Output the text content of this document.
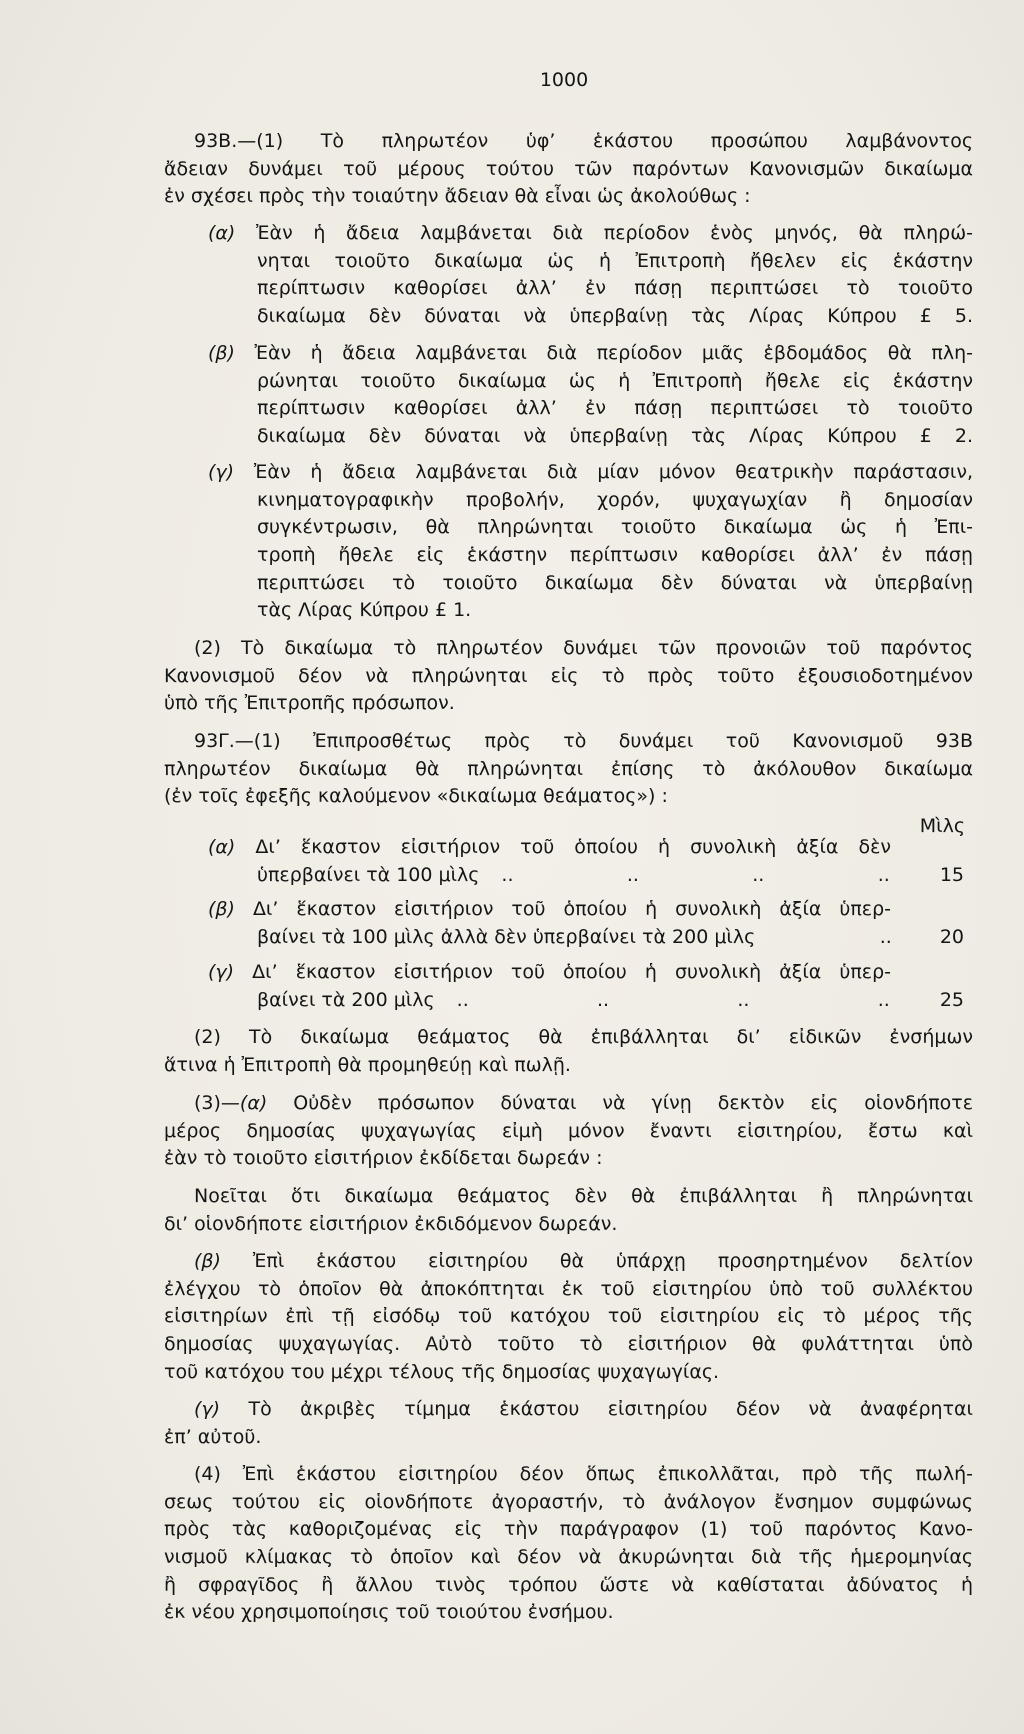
1000
93Β.—(1) Τὸ πληρωτέον ὑφ’ ἑκάστου προσώπου λαμβάνοντος
ἄδειαν δυνάμει τοῦ μέρους τούτου τῶν παρόντων Κανονισμῶν δικαίωμα
ἐν σχέσει πρὸς τὴν τοιαύτην ἄδειαν θὰ εἶναι ὡς ἀκολούθως :
(α) Ἐὰν ἡ ἄδεια λαμβάνεται διὰ περίοδον ἑνὸς μηνός, θὰ πληρώ-
νηται τοιοῦτο δικαίωμα ὡς ἡ Ἐπιτροπὴ ἤθελεν εἰς ἑκάστην
περίπτωσιν καθορίσει ἀλλ’ ἐν πάσῃ περιπτώσει τὸ τοιοῦτο
δικαίωμα δὲν δύναται νὰ ὑπερβαίνῃ τὰς Λίρας Κύπρου £ 5.
(β) Ἐὰν ἡ ἄδεια λαμβάνεται διὰ περίοδον μιᾶς ἑβδομάδος θὰ πλη-
ρώνηται τοιοῦτο δικαίωμα ὡς ἡ Ἐπιτροπὴ ἤθελε εἰς ἑκάστην
περίπτωσιν καθορίσει ἀλλ’ ἐν πάσῃ περιπτώσει τὸ τοιοῦτο
δικαίωμα δὲν δύναται νὰ ὑπερβαίνῃ τὰς Λίρας Κύπρου £ 2.
(γ) Ἐὰν ἡ ἄδεια λαμβάνεται διὰ μίαν μόνον θεατρικὴν παράστασιν,
κινηματογραφικὴν προβολήν, χορόν, ψυχαγωχίαν ἢ δημοσίαν
συγκέντρωσιν, θὰ πληρώνηται τοιοῦτο δικαίωμα ὡς ἡ Ἐπι-
τροπὴ ἤθελε εἰς ἑκάστην περίπτωσιν καθορίσει ἀλλ’ ἐν πάσῃ
περιπτώσει τὸ τοιοῦτο δικαίωμα δὲν δύναται νὰ ὑπερβαίνῃ
τὰς Λίρας Κύπρου £ 1.
(2) Τὸ δικαίωμα τὸ πληρωτέον δυνάμει τῶν προνοιῶν τοῦ παρόντος
Κανονισμοῦ δέον νὰ πληρώνηται εἰς τὸ πρὸς τοῦτο ἐξουσιοδοτημένον
ὑπὸ τῆς Ἐπιτροπῆς πρόσωπον.
93Γ.—(1) Ἐπιπροσθέτως πρὸς τὸ δυνάμει τοῦ Κανονισμοῦ 93Β
πληρωτέον δικαίωμα θὰ πληρώνηται ἐπίσης τὸ ἀκόλουθον δικαίωμα
(ἐν τοῖς ἐφεξῆς καλούμενον «δικαίωμα θεάματος») :
Μὶλς
(α) Δι’ ἕκαστον εἰσιτήριον τοῦ ὁποίου ἡ συνολικὴ ἀξία δὲν
ὑπερβαίνει τὰ 100 μὶλς ..	..	..	..	15
(β) Δι’ ἕκαστον εἰσιτήριον τοῦ ὁποίου ἡ συνολικὴ ἀξία ὑπερ-
βαίνει τὰ 100 μὶλς ἀλλὰ δὲν ὑπερβαίνει τὰ 200 μὶλς	..	20
(γ) Δι’ ἕκαστον εἰσιτήριον τοῦ ὁποίου ἡ συνολικὴ ἀξία ὑπερ-
βαίνει τὰ 200 μὶλς ..	..	..	..	25
(2) Τὸ δικαίωμα θεάματος θὰ ἐπιβάλληται δι’ εἰδικῶν ἐνσήμων
ἅτινα ἡ Ἐπιτροπὴ θὰ προμηθεύῃ καὶ πωλῇ.
(3)—(α) Οὐδὲν πρόσωπον δύναται νὰ γίνῃ δεκτὸν εἰς οἱονδήποτε
μέρος δημοσίας ψυχαγωγίας εἰμὴ μόνον ἔναντι εἰσιτηρίου, ἔστω καὶ
ἐὰν τὸ τοιοῦτο εἰσιτήριον ἐκδίδεται δωρεάν :
Νοεῖται ὅτι δικαίωμα θεάματος δὲν θὰ ἐπιβάλληται ἢ πληρώνηται
δι’ οἱονδήποτε εἰσιτήριον ἐκδιδόμενον δωρεάν.
(β) Ἐπὶ ἑκάστου εἰσιτηρίου θὰ ὑπάρχῃ προσηρτημένον δελτίον
ἐλέγχου τὸ ὁποῖον θὰ ἀποκόπτηται ἐκ τοῦ εἰσιτηρίου ὑπὸ τοῦ συλλέκτου
εἰσιτηρίων ἐπὶ τῇ εἰσόδῳ τοῦ κατόχου τοῦ εἰσιτηρίου εἰς τὸ μέρος τῆς
δημοσίας ψυχαγωγίας. Αὐτὸ τοῦτο τὸ εἰσιτήριον θὰ φυλάττηται ὑπὸ
τοῦ κατόχου του μέχρι τέλους τῆς δημοσίας ψυχαγωγίας.
(γ) Τὸ ἀκριβὲς τίμημα ἑκάστου εἰσιτηρίου δέον νὰ ἀναφέρηται
ἐπ’ αὐτοῦ.
(4) Ἐπὶ ἑκάστου εἰσιτηρίου δέον ὅπως ἐπικολλᾶται, πρὸ τῆς πωλή-
σεως τούτου εἰς οἱονδήποτε ἀγοραστήν, τὸ ἀνάλογον ἔνσημον συμφώνως
πρὸς τὰς καθοριζομένας εἰς τὴν παράγραφον (1) τοῦ παρόντος Κανο-
νισμοῦ κλίμακας τὸ ὁποῖον καὶ δέον νὰ ἀκυρώνηται διὰ τῆς ἡμερομηνίας
ἢ σφραγῖδος ἢ ἄλλου τινὸς τρόπου ὥστε νὰ καθίσταται ἀδύνατος ἡ
ἐκ νέου χρησιμοποίησις τοῦ τοιούτου ἐνσήμου.
